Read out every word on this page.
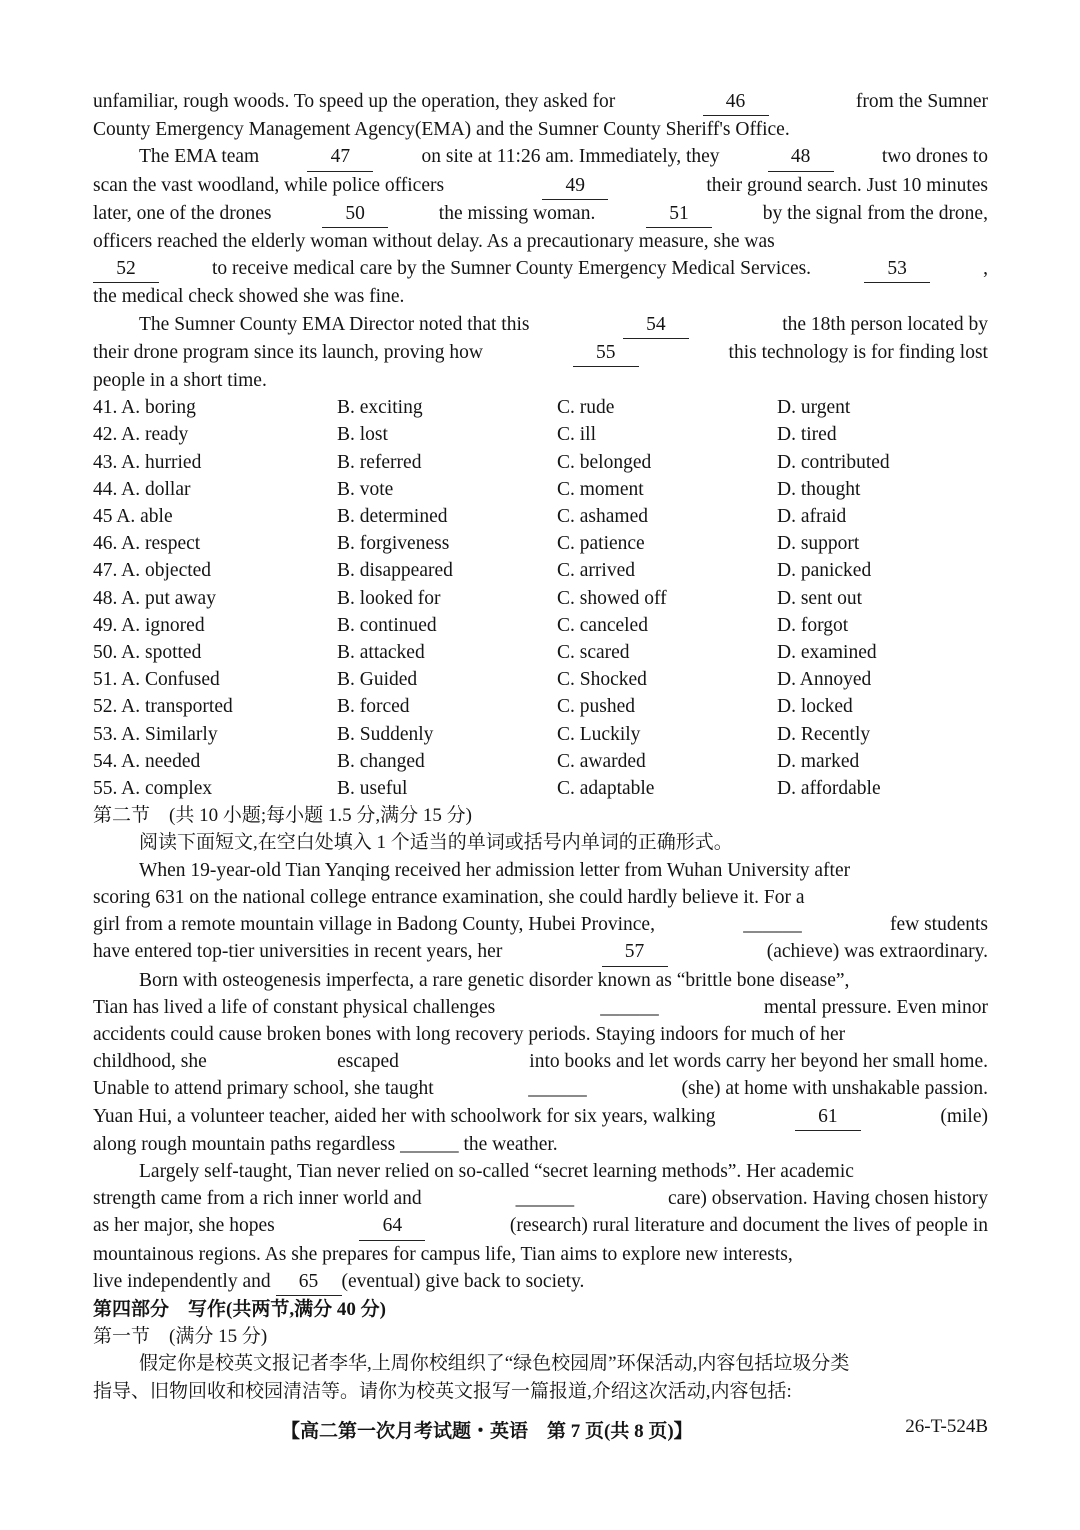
unfamiliar, rough woods. To speed up the operation, they asked for	46	from the Sumner
County Emergency Management Agency(EMA) and the Sumner County Sheriff's Office.
The EMA team	47	on site at 11:26 am. Immediately, they	48	two drones to
scan the vast woodland, while police officers	49	their ground search. Just 10 minutes
later, one of the drones	50	the missing woman.	51	by the signal from the drone,
officers reached the elderly woman without delay. As a precautionary measure, she was
52	to receive medical care by the Sumner County Emergency Medical Services.	53	,
the medical check showed she was fine.
The Sumner County EMA Director noted that this	54	the 18th person located by
their drone program since its launch, proving how	55	this technology is for finding lost
people in a short time.
41. A. boring	B. exciting	C. rude	D. urgent
42. A. ready	B. lost	C. ill	D. tired
43. A. hurried	B. referred	C. belonged	D. contributed
44. A. dollar	B. vote	C. moment	D. thought
45 A. able	B. determined	C. ashamed	D. afraid
46. A. respect	B. forgiveness	C. patience	D. support
47. A. objected	B. disappeared	C. arrived	D. panicked
48. A. put away	B. looked for	C. showed off	D. sent out
49. A. ignored	B. continued	C. canceled	D. forgot
50. A. spotted	B. attacked	C. scared	D. examined
51. A. Confused	B. Guided	C. Shocked	D. Annoyed
52. A. transported	B. forced	C. pushed	D. locked
53. A. Similarly	B. Suddenly	C. Luckily	D. Recently
54. A. needed	B. changed	C. awarded	D. marked
55. A. complex	B. useful	C. adaptable	D. affordable
第二节　(共 10 小题;每小题 1.5 分,满分 15 分)
阅读下面短文,在空白处填入 1 个适当的单词或括号内单词的正确形式。
When 19-year-old Tian Yanqing received her admission letter from Wuhan University after
scoring 631 on the national college entrance examination, she could hardly believe it. For a
girl from a remote mountain village in Badong County, Hubei Province,	______	few students
have entered top-tier universities in recent years, her	57	(achieve) was extraordinary.
Born with osteogenesis imperfecta, a rare genetic disorder known as “brittle bone disease”,
Tian has lived a life of constant physical challenges	______	mental pressure. Even minor
accidents could cause broken bones with long recovery periods. Staying indoors for much of her
childhood, she	escaped	into books and let words carry her beyond her small home.
Unable to attend primary school, she taught	______	(she) at home with unshakable passion.
Yuan Hui, a volunteer teacher, aided her with schoolwork for six years, walking	61	(mile)
along rough mountain paths regardless
______
the weather.
Largely self-taught, Tian never relied on so-called “secret learning methods”. Her academic
strength came from a rich inner world and	______	care) observation. Having chosen history
as her major, she hopes	64	(research) rural literature and document the lives of people in
mountainous regions. As she prepares for campus life, Tian aims to explore new interests,
live independently and
	65	(eventual) give back to society.
第四部分　写作(共两节,满分 40 分)
第一节　(满分 15 分)
假定你是校英文报记者李华,上周你校组织了“绿色校园周”环保活动,内容包括垃圾分类
指导、旧物回收和校园清洁等。请你为校英文报写一篇报道,介绍这次活动,内容包括:
【高二第一次月考试题・英语　第 7 页(共 8 页)】	26-T-524B
